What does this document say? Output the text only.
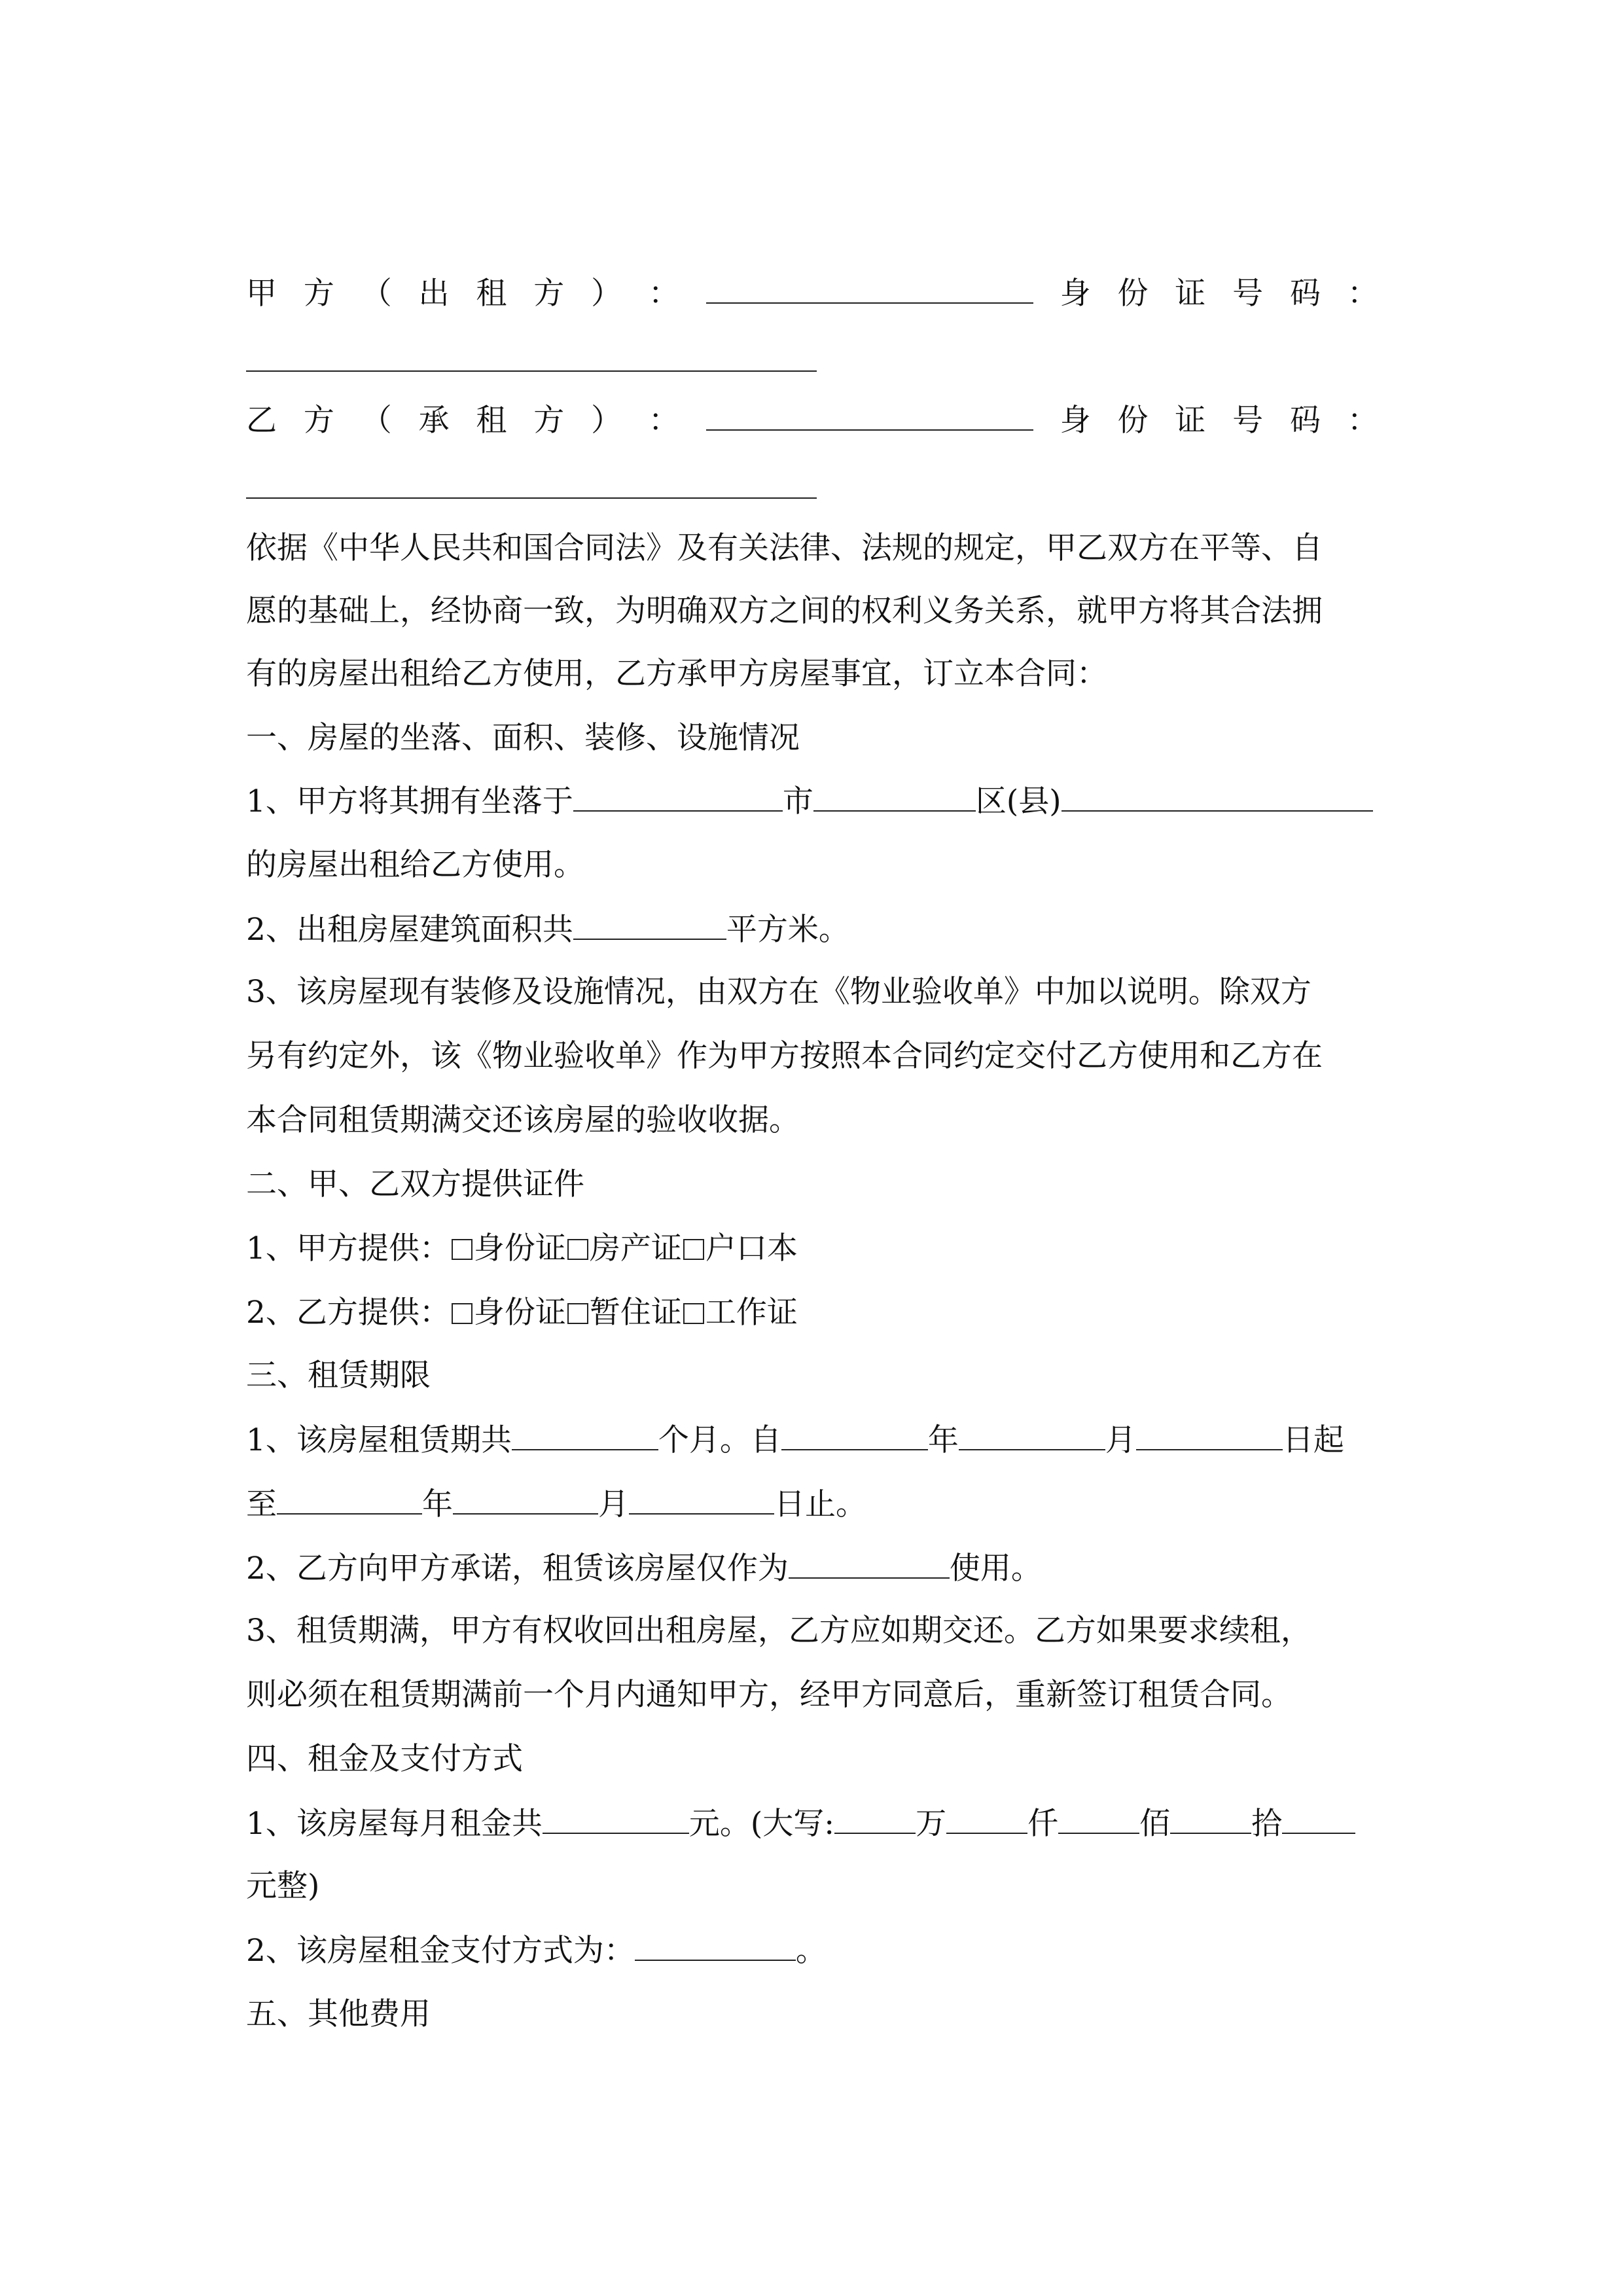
甲 方 （ 出 租 方 ） ：	身 份 证 号 码 ：
乙 方 （ 承 租 方 ） ：	身 份 证 号 码 ：
依据《中华人民共和国合同法》及有关法律、法规的规定，甲乙双方在平等、自
愿的基础上，经协商一致，为明确双方之间的权利义务关系，就甲方将其合法拥
有的房屋出租给乙方使用，乙方承甲方房屋事宜，订立本合同：
一、房屋的坐落、面积、装修、设施情况
1、甲方将其拥有坐落于	市	区(县)
的房屋出租给乙方使用。
2、出租房屋建筑面积共	平方米。
3、该房屋现有装修及设施情况，由双方在《物业验收单》中加以说明。除双方
另有约定外，该《物业验收单》作为甲方按照本合同约定交付乙方使用和乙方在
本合同租赁期满交还该房屋的验收收据。
二、甲、乙双方提供证件
1、甲方提供： 身份证 房产证 户口本
2、乙方提供： 身份证 暂住证 工作证
三、租赁期限
1、该房屋租赁期共	个月。自	年	月	日起
至	年	月	日止。
2、乙方向甲方承诺，租赁该房屋仅作为	使用。
3、租赁期满，甲方有权收回出租房屋，乙方应如期交还。乙方如果要求续租，
则必须在租赁期满前一个月内通知甲方，经甲方同意后，重新签订租赁合同。
四、租金及支付方式
1、该房屋每月租金共	元。(大写:	万	仟	佰	拾
元整)
2、该房屋租金支付方式为：	。
五、其他费用
